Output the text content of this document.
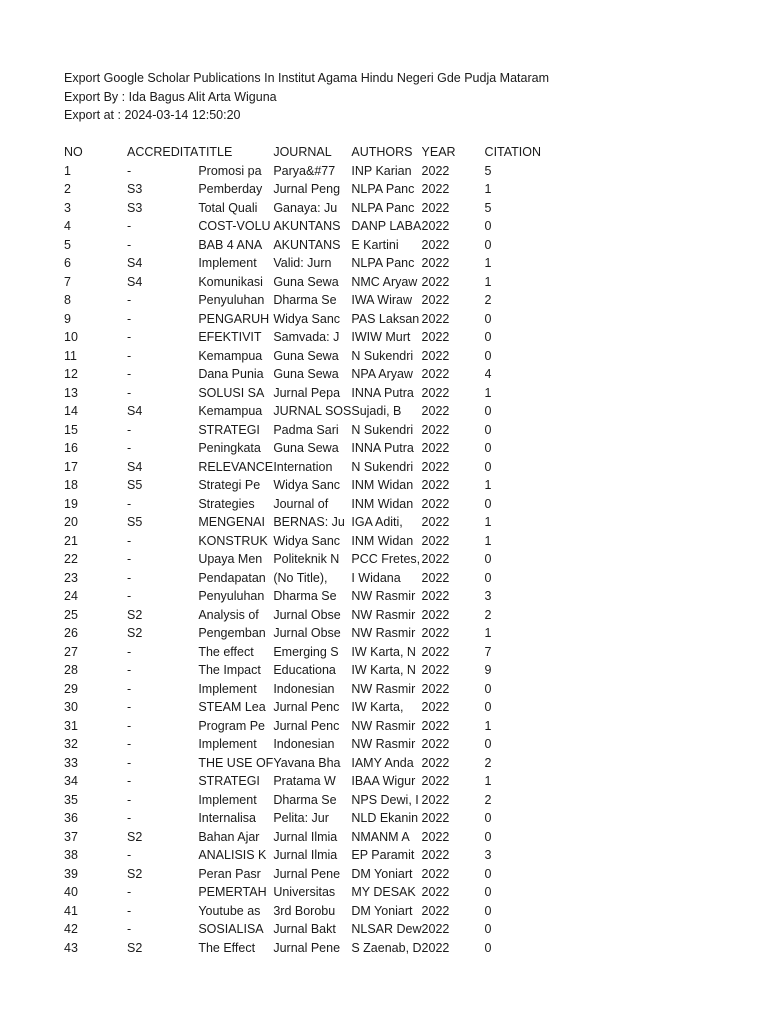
Export Google Scholar Publications In Institut Agama Hindu Negeri Gde Pudja Mataram
Export By : Ida Bagus Alit Arta Wiguna
Export at : 2024-03-14 12:50:20
NO	ACCREDITA	TITLE	JOURNAL	AUTHORS	YEAR	CITATION
1	-	Promosi pa	Parya&#77	INP Karian	2022	5
2	S3	Pemberday	Jurnal Peng	NLPA Panc	2022	1
3	S3	Total Quali	Ganaya: Ju	NLPA Panc	2022	5
4	-	COST-VOLU	AKUNTANS	DANP LABA	2022	0
5	-	BAB 4 ANA	AKUNTANS	E Kartini	2022	0
6	S4	Implement	Valid: Jurn	NLPA Panc	2022	1
7	S4	Komunikasi	Guna Sewa	NMC Aryaw	2022	1
8	-	Penyuluhan	Dharma Se	IWA Wiraw	2022	2
9	-	PENGARUH	Widya Sanc	PAS Laksan	2022	0
10	-	EFEKTIVIT	Samvada: J	IWIW Murt	2022	0
11	-	Kemampua	Guna Sewa	N Sukendri	2022	0
12	-	Dana Punia	Guna Sewa	NPA Aryaw	2022	4
13	-	SOLUSI SA	Jurnal Pepa	INNA Putra	2022	1
14	S4	Kemampua	JURNAL SOS	Sujadi, B	2022	0
15	-	STRATEGI	Padma Sari	N Sukendri	2022	0
16	-	Peningkata	Guna Sewa	INNA Putra	2022	0
17	S4	RELEVANCE	Internation	N Sukendri	2022	0
18	S5	Strategi Pe	Widya Sanc	INM Widan	2022	1
19	-	Strategies	Journal of	INM Widan	2022	0
20	S5	MENGENAI	BERNAS: Ju	IGA Aditi,	2022	1
21	-	KONSTRUK	Widya Sanc	INM Widan	2022	1
22	-	Upaya Men	Politeknik N	PCC Fretes,	2022	0
23	-	Pendapatan	(No Title),	I Widana	2022	0
24	-	Penyuluhan	Dharma Se	NW Rasmir	2022	3
25	S2	Analysis of	Jurnal Obse	NW Rasmir	2022	2
26	S2	Pengemban	Jurnal Obse	NW Rasmir	2022	1
27	-	The effect	Emerging S	IW Karta, N	2022	7
28	-	The Impact	Educationa	IW Karta, N	2022	9
29	-	Implement	Indonesian	NW Rasmir	2022	0
30	-	STEAM Lea	Jurnal Penc	IW Karta,	2022	0
31	-	Program Pe	Jurnal Penc	NW Rasmir	2022	1
32	-	Implement	Indonesian	NW Rasmir	2022	0
33	-	THE USE OF	Yavana Bha	IAMY Anda	2022	2
34	-	STRATEGI	Pratama W	IBAA Wigur	2022	1
35	-	Implement	Dharma Se	NPS Dewi, I	2022	2
36	-	Internalisa	Pelita: Jur	NLD Ekanin	2022	0
37	S2	Bahan Ajar	Jurnal Ilmia	NMANM A	2022	0
38	-	ANALISIS K	Jurnal Ilmia	EP Paramit	2022	3
39	S2	Peran Pasr	Jurnal Pene	DM Yoniart	2022	0
40	-	PEMERTAH	Universitas	MY DESAK	2022	0
41	-	Youtube as	3rd Borobu	DM Yoniart	2022	0
42	-	SOSIALISA	Jurnal Bakt	NLSAR Dew	2022	0
43	S2	The Effect	Jurnal Pene	S Zaenab, D	2022	0
